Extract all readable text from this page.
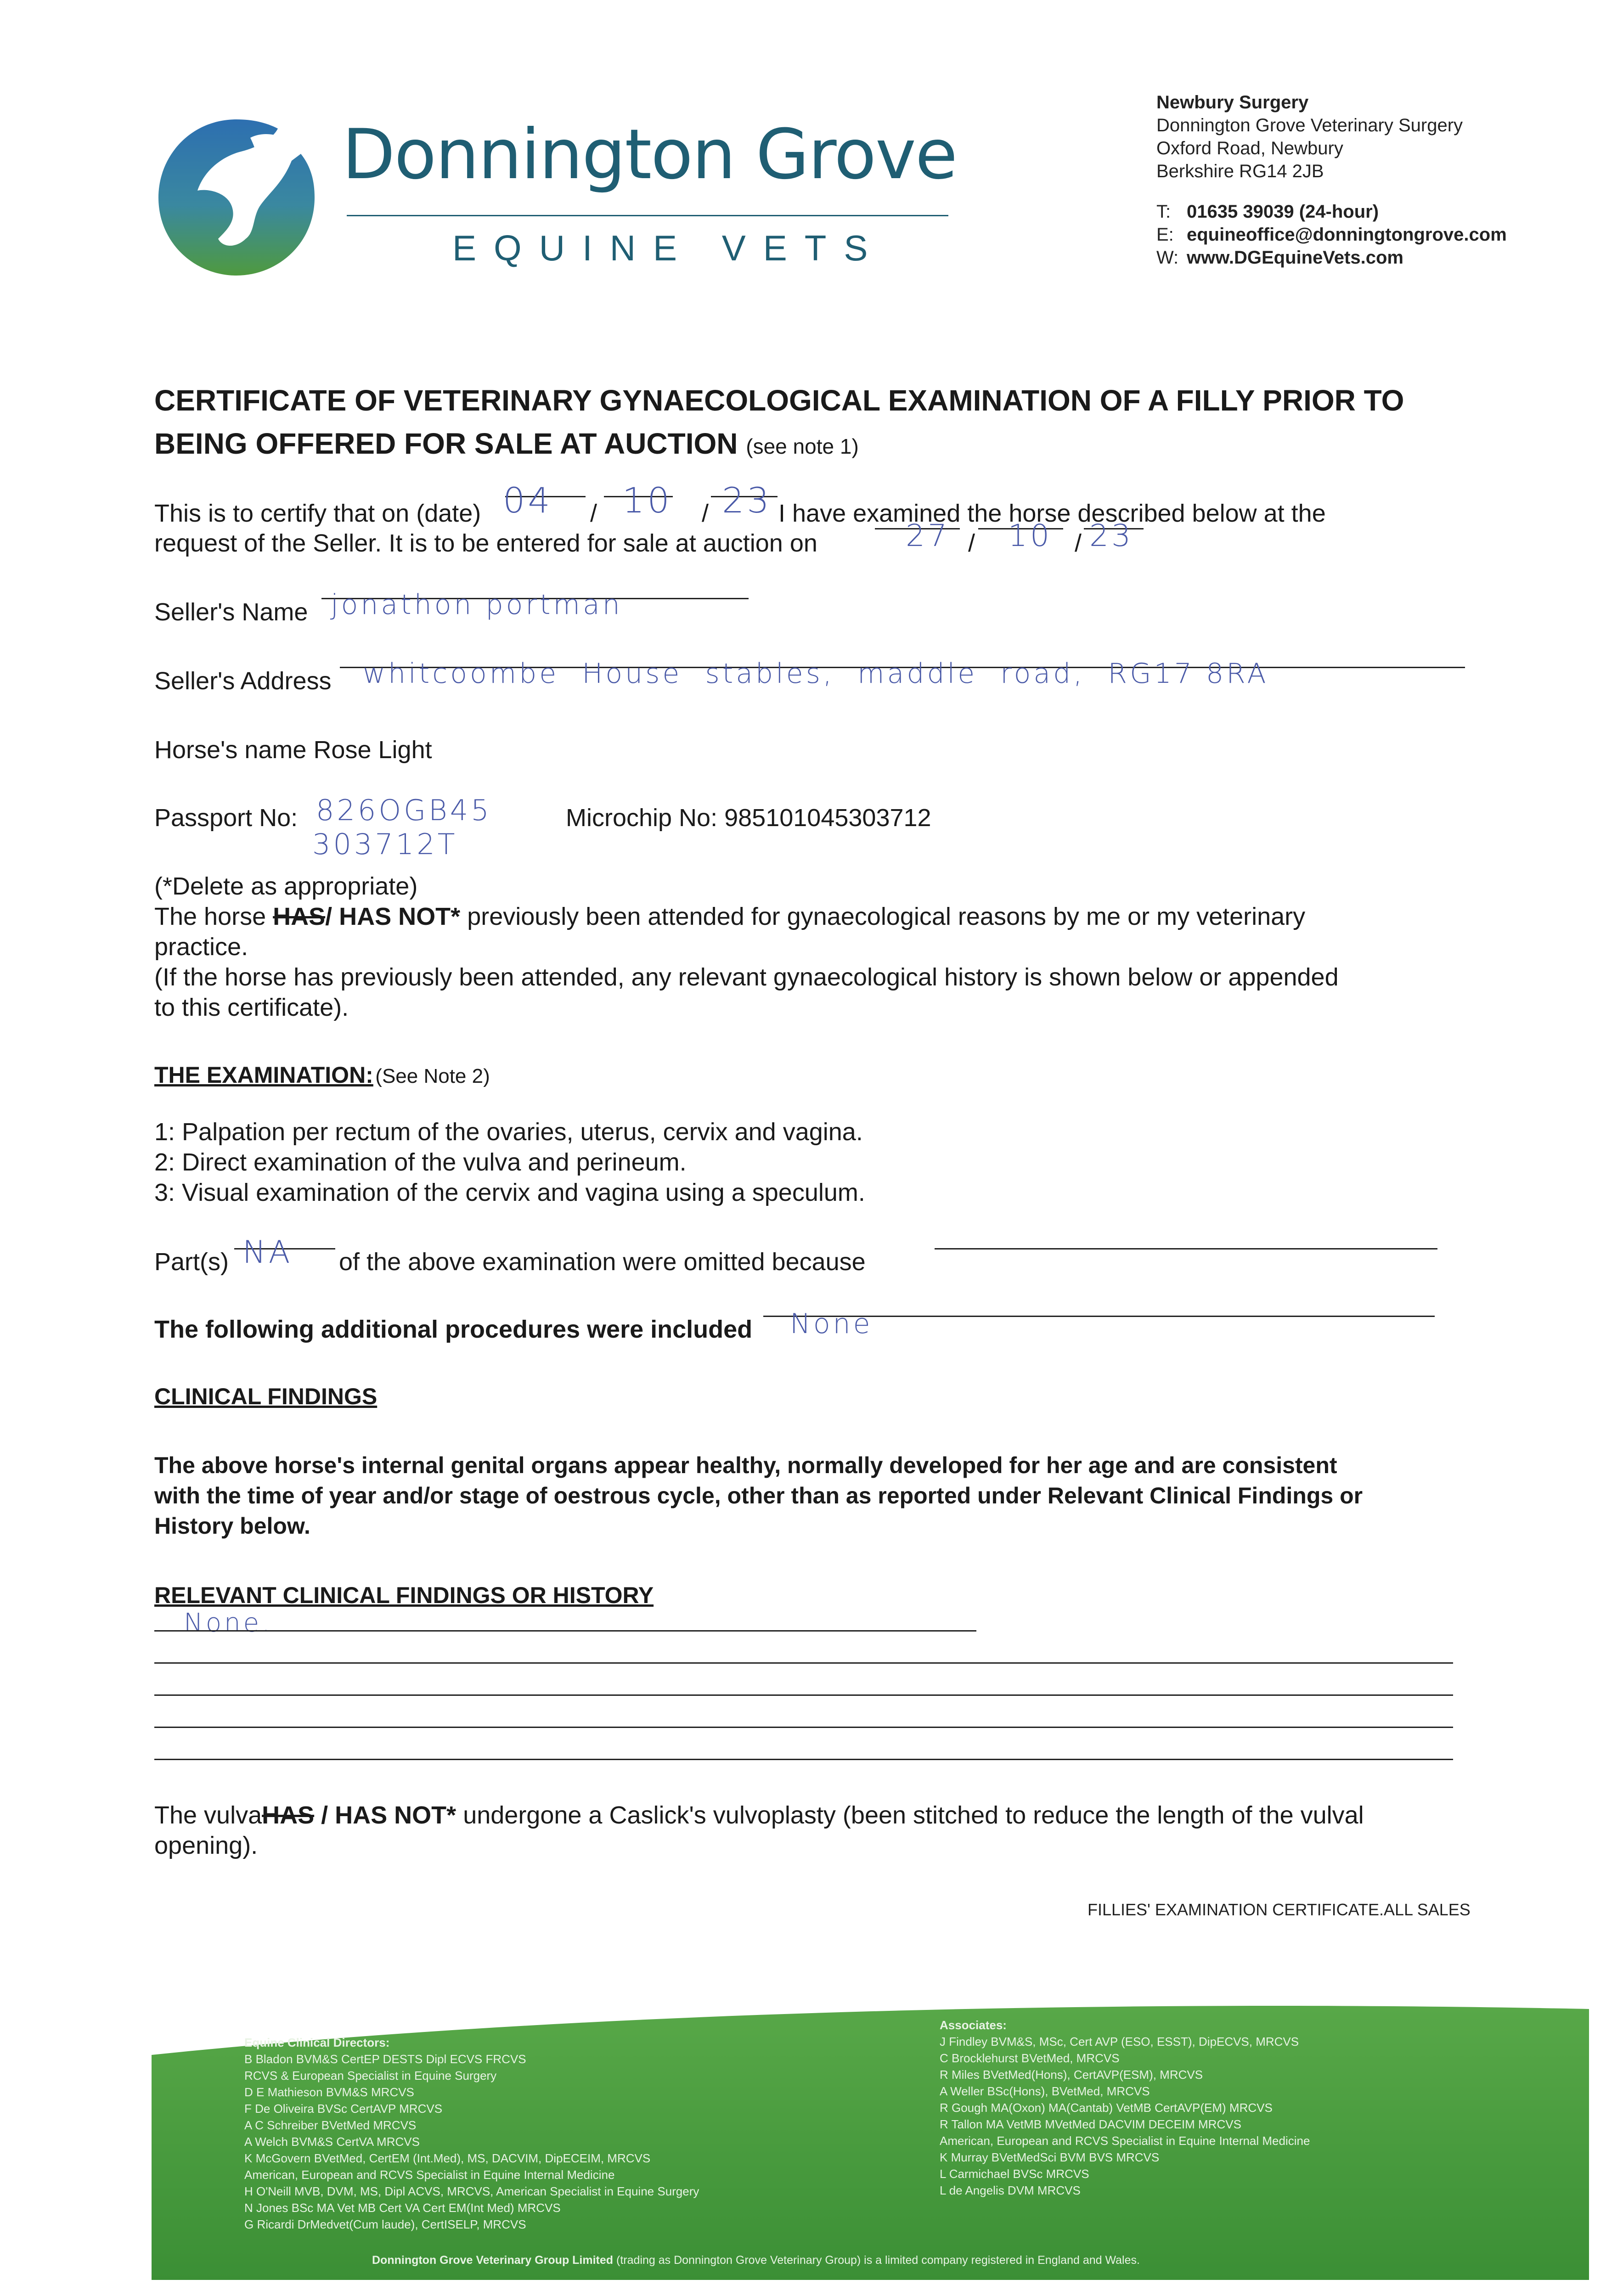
Donnington Grove
EQUINE VETS
Newbury Surgery
Donnington Grove Veterinary Surgery
Oxford Road, Newbury
Berkshire RG14 2JB
T: 01635 39039 (24-hour)
E: equineoffice@donningtongrove.com
W: www.DGEquineVets.com
CERTIFICATE OF VETERINARY GYNAECOLOGICAL EXAMINATION OF A FILLY PRIOR TO
BEING OFFERED FOR SALE AT AUCTION (see note 1)
This is to certify that on (date) 04 / 10 / 23 I have examined the horse described below at the
request of the Seller. It is to be entered for sale at auction on	27 / 10 / 23
Seller's Name jonathon portman
Seller's Address whitcoombe  House  stables,  maddle  road,  RG17 8RA
Horse's name Rose Light
Passport No: 826OGB45
303712T
Microchip No: 985101045303712
(*Delete as appropriate)
The horse HAS/ HAS NOT* previously been attended for gynaecological reasons by me or my veterinary
practice.
(If the horse has previously been attended, any relevant gynaecological history is shown below or appended
to this certificate).
THE EXAMINATION: (See Note 2)
1: Palpation per rectum of the ovaries, uterus, cervix and vagina.
2: Direct examination of the vulva and perineum.
3: Visual examination of the cervix and vagina using a speculum.
Part(s) NA of the above examination were omitted because
The following additional procedures were included None
CLINICAL FINDINGS
The above horse's internal genital organs appear healthy, normally developed for her age and are consistent
with the time of year and/or stage of oestrous cycle, other than as reported under Relevant Clinical Findings or
History below.
RELEVANT CLINICAL FINDINGS OR HISTORY
None.
The vulvaHAS / HAS NOT* undergone a Caslick's vulvoplasty (been stitched to reduce the length of the vulval
opening).
FILLIES' EXAMINATION CERTIFICATE.ALL SALES
Equine Clinical Directors:
B Bladon BVM&S CertEP DESTS Dipl ECVS FRCVS
RCVS & European Specialist in Equine Surgery
D E Mathieson BVM&S MRCVS
F De Oliveira BVSc CertAVP MRCVS
A C Schreiber BVetMed MRCVS
A Welch BVM&S CertVA MRCVS
K McGovern BVetMed, CertEM (Int.Med), MS, DACVIM, DipECEIM, MRCVS
American, European and RCVS Specialist in Equine Internal Medicine
H O'Neill MVB, DVM, MS, Dipl ACVS, MRCVS, American Specialist in Equine Surgery
N Jones BSc MA Vet MB Cert VA Cert EM(Int Med) MRCVS
G Ricardi DrMedvet(Cum laude), CertISELP, MRCVS
Associates:
J Findley BVM&S, MSc, Cert AVP (ESO, ESST), DipECVS, MRCVS
C Brocklehurst BVetMed, MRCVS
R Miles BVetMed(Hons), CertAVP(ESM), MRCVS
A Weller BSc(Hons), BVetMed, MRCVS
R Gough MA(Oxon) MA(Cantab) VetMB CertAVP(EM) MRCVS
R Tallon MA VetMB MVetMed DACVIM DECEIM MRCVS
American, European and RCVS Specialist in Equine Internal Medicine
K Murray BVetMedSci BVM BVS MRCVS
L Carmichael BVSc MRCVS
L de Angelis DVM MRCVS
Donnington Grove Veterinary Group Limited (trading as Donnington Grove Veterinary Group) is a limited company registered in England and Wales.
